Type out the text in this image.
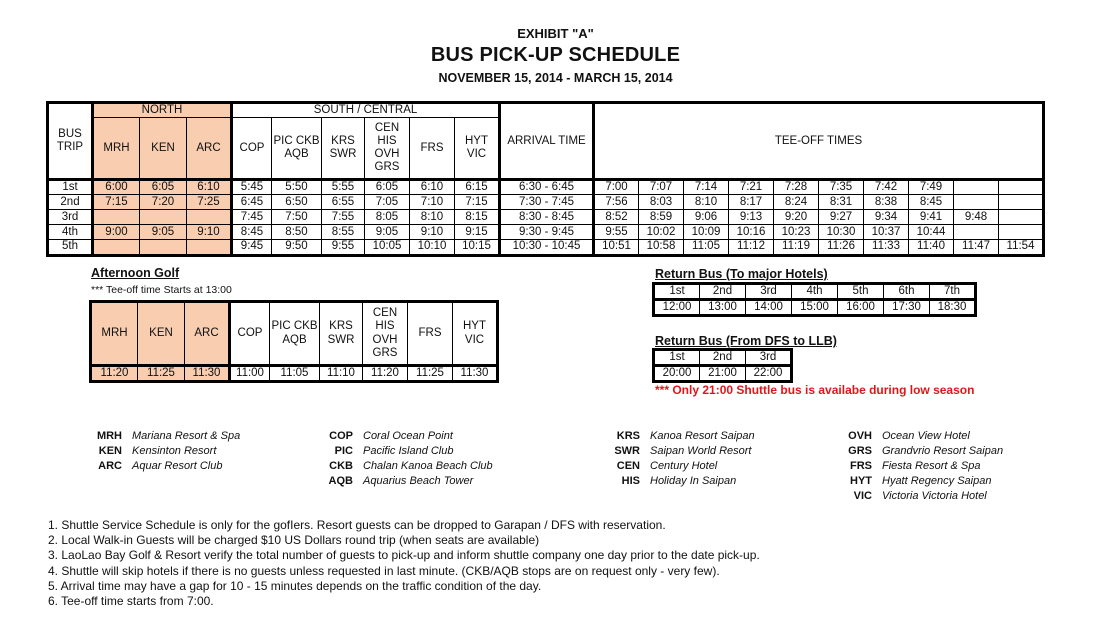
EXHIBIT "A"
BUS PICK-UP SCHEDULE
NOVEMBER 15, 2014 - MARCH 15, 2014
BUS TRIP	NORTH			SOUTH / CENTRAL						ARRIVAL TIME	TEE-OFF TIMES									
	MRH	KEN	ARC	COP	PIC CKB AQB	KRS SWR	CEN HIS OVH GRS	FRS	HYT VIC											
1st	6:00	6:05	6:10	5:45	5:50	5:55	6:05	6:10	6:15	6:30 - 6:45	7:00	7:07	7:14	7:21	7:28	7:35	7:42	7:49		
2nd	7:15	7:20	7:25	6:45	6:50	6:55	7:05	7:10	7:15	7:30 - 7:45	7:56	8:03	8:10	8:17	8:24	8:31	8:38	8:45		
3rd				7:45	7:50	7:55	8:05	8:10	8:15	8:30 - 8:45	8:52	8:59	9:06	9:13	9:20	9:27	9:34	9:41	9:48	
4th	9:00	9:05	9:10	8:45	8:50	8:55	9:05	9:10	9:15	9:30 - 9:45	9:55	10:02	10:09	10:16	10:23	10:30	10:37	10:44		
5th				9:45	9:50	9:55	10:05	10:10	10:15	10:30 - 10:45	10:51	10:58	11:05	11:12	11:19	11:26	11:33	11:40	11:47	11:54
Afternoon Golf
*** Tee-off time Starts at 13:00
MRH	KEN	ARC	COP	PIC CKB AQB	KRS SWR	CEN HIS OVH GRS	FRS	HYT VIC
11:20	11:25	11:30	11:00	11:05	11:10	11:20	11:25	11:30
Return Bus (To major Hotels)
1st	2nd	3rd	4th	5th	6th	7th
12:00	13:00	14:00	15:00	16:00	17:30	18:30
Return Bus (From DFS to LLB)
1st	2nd	3rd
20:00	21:00	22:00
*** Only 21:00 Shuttle bus is availabe during low season
MRH Mariana Resort & Spa
KEN Kensinton Resort
ARC Aquar Resort Club
COP Coral Ocean Point
PIC Pacific Island Club
CKB Chalan Kanoa Beach Club
AQB Aquarius Beach Tower
KRS Kanoa Resort Saipan
SWR Saipan World Resort
CEN Century Hotel
HIS Holiday In Saipan
OVH Ocean View Hotel
GRS Grandvrio Resort Saipan
FRS Fiesta Resort & Spa
HYT Hyatt Regency Saipan
VIC Victoria Victoria Hotel
1. Shuttle Service Schedule is only for the gofIers. Resort guests can be dropped to Garapan / DFS with reservation.
2. Local Walk-in Guests will be charged $10 US Dollars round trip (when seats are available)
3. LaoLao Bay Golf & Resort verify the total number of guests to pick-up and inform shuttle company one day prior to the date pick-up.
4. Shuttle will skip hotels if there is no guests unless requested in last minute. (CKB/AQB stops are on request only - very few).
5. Arrival time may have a gap for 10 - 15 minutes depends on the traffic condition of the day.
6. Tee-off time starts from 7:00.
